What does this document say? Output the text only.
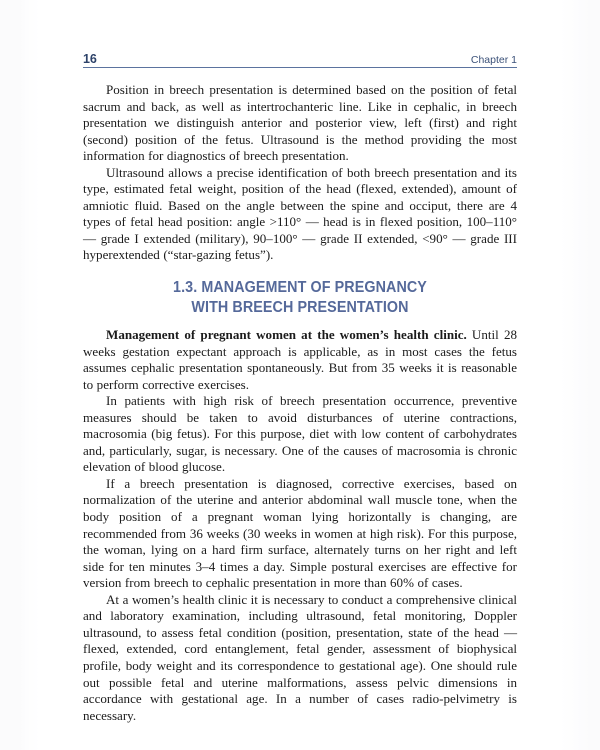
16	Chapter 1

Position in breech presentation is determined based on the position of fetal sacrum and back, as well as intertrochanteric line. Like in cephalic, in breech presentation we distinguish anterior and posterior view, left (first) and right (second) position of the fetus. Ultrasound is the method providing the most information for diagnostics of breech presentation.

Ultrasound allows a precise identification of both breech presentation and its type, estimated fetal weight, position of the head (flexed, extended), amount of amniotic fluid. Based on the angle between the spine and occiput, there are 4 types of fetal head position: angle >110° — head is in flexed position, 100–110° — grade I extended (military), 90–100° — grade II extended, <90° — grade III hyperextended (“star-gazing fetus”).

1.3. MANAGEMENT OF PREGNANCY
WITH BREECH PRESENTATION

Management of pregnant women at the women’s health clinic. Until 28 weeks gestation expectant approach is applicable, as in most cases the fetus assumes cephalic presentation spontaneously. But from 35 weeks it is reasonable to perform corrective exercises.

In patients with high risk of breech presentation occurrence, preventive measures should be taken to avoid disturbances of uterine contractions, macrosomia (big fetus). For this purpose, diet with low content of carbohydrates and, particularly, sugar, is necessary. One of the causes of macrosomia is chronic elevation of blood glucose.

If a breech presentation is diagnosed, corrective exercises, based on normalization of the uterine and anterior abdominal wall muscle tone, when the body position of a pregnant woman lying horizontally is changing, are recommended from 36 weeks (30 weeks in women at high risk). For this purpose, the woman, lying on a hard firm surface, alternately turns on her right and left side for ten minutes 3–4 times a day. Simple postural exercises are effective for version from breech to cephalic presentation in more than 60% of cases.

At a women’s health clinic it is necessary to conduct a comprehensive clinical and laboratory examination, including ultrasound, fetal monitoring, Doppler ultrasound, to assess fetal condition (position, presentation, state of the head — flexed, extended, cord entanglement, fetal gender, assessment of biophysical profile, body weight and its correspondence to gestational age). One should rule out possible fetal and uterine malformations, assess pelvic dimensions in accordance with gestational age. In a number of cases radio-pelvimetry is necessary.
